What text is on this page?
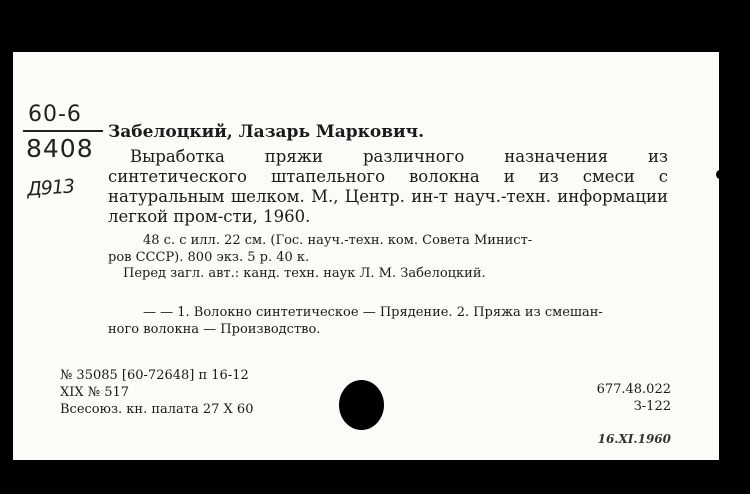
60-6
8408
Д913
Забелоцкий, Лазарь Маркович.
Выработка пряжи различного назначения из синтетического штапельного волокна и из смеси с натуральным шелком. М., Центр. ин-т науч.-техн. информации легкой пром-сти, 1960.
48 с. с илл. 22 см. (Гос. науч.-техн. ком. Совета Минист-
ров СССР). 800 экз. 5 р. 40 к.
Перед загл. авт.: канд. техн. наук Л. М. Забелоцкий.
— — 1. Волокно синтетическое — Прядение. 2. Пряжа из смешан-
ного волокна — Производство.
№ 35085 [60-72648] п 16-12
XIX № 517
Всесоюз. кн. палата 27 X 60
677.48.022
З-122
16.XI.1960
